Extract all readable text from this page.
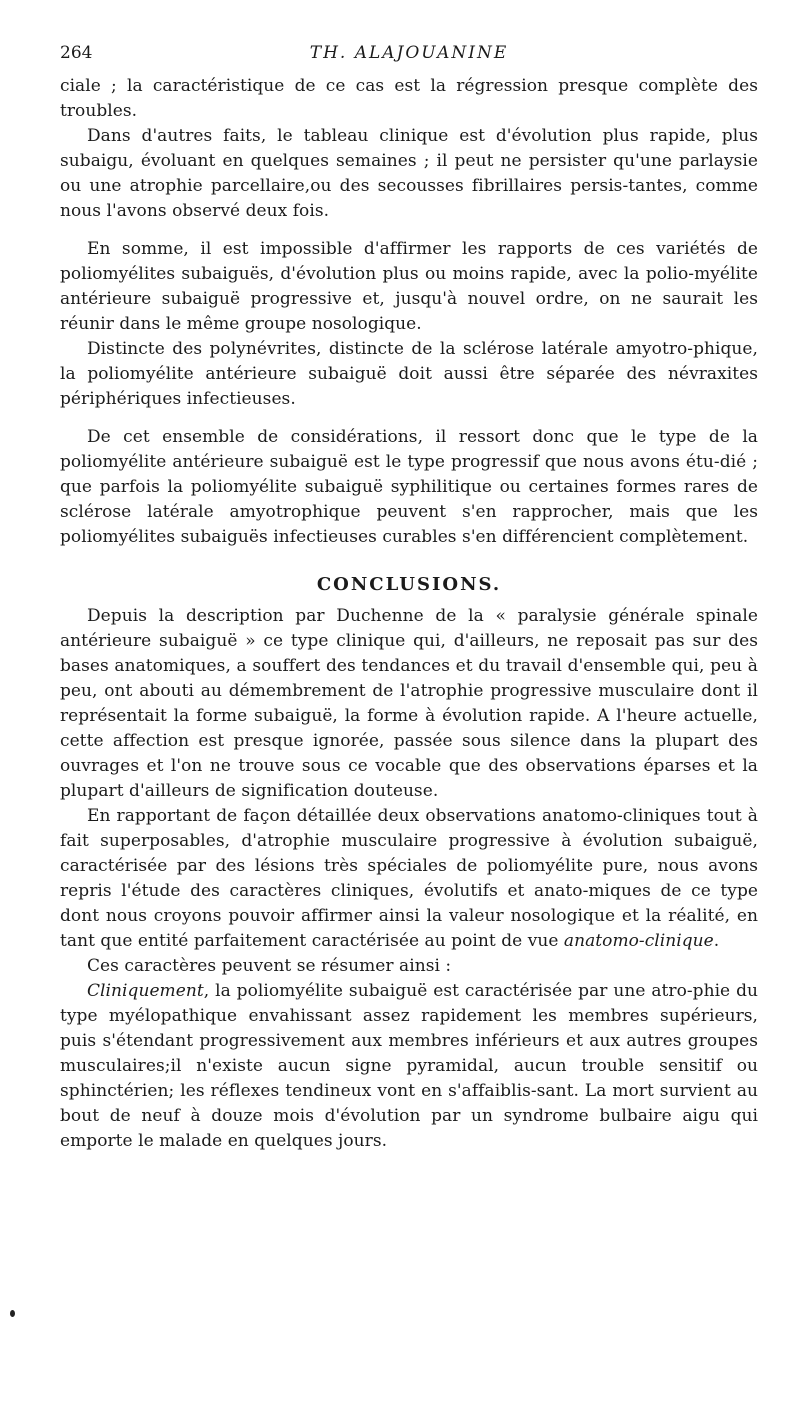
264	TH. ALAJOUANINE

ciale ; la caractéristique de ce cas est la régression presque complète des troubles.

Dans d'autres faits, le tableau clinique est d'évolution plus rapide, plus subaigu, évoluant en quelques semaines ; il peut ne persister qu'une parlaysie ou une atrophie parcellaire,ou des secousses fibrillaires persis-tantes, comme nous l'avons observé deux fois.

En somme, il est impossible d'affirmer les rapports de ces variétés de poliomyélites subaiguës, d'évolution plus ou moins rapide, avec la polio-myélite antérieure subaiguë progressive et, jusqu'à nouvel ordre, on ne saurait les réunir dans le même groupe nosologique.

Distincte des polynévrites, distincte de la sclérose latérale amyotro-phique, la poliomyélite antérieure subaiguë doit aussi être séparée des névraxites périphériques infectieuses.

De cet ensemble de considérations, il ressort donc que le type de la poliomyélite antérieure subaiguë est le type progressif que nous avons étu-dié ; que parfois la poliomyélite subaiguë syphilitique ou certaines formes rares de sclérose latérale amyotrophique peuvent s'en rapprocher, mais que les poliomyélites subaiguës infectieuses curables s'en différencient complètement.

CONCLUSIONS.

Depuis la description par Duchenne de la « paralysie générale spinale antérieure subaiguë » ce type clinique qui, d'ailleurs, ne reposait pas sur des bases anatomiques, a souffert des tendances et du travail d'ensemble qui, peu à peu, ont abouti au démembrement de l'atrophie progressive musculaire dont il représentait la forme subaiguë, la forme à évolution rapide. A l'heure actuelle, cette affection est presque ignorée, passée sous silence dans la plupart des ouvrages et l'on ne trouve sous ce vocable que des observations éparses et la plupart d'ailleurs de signification douteuse.

En rapportant de façon détaillée deux observations anatomo-cliniques tout à fait superposables, d'atrophie musculaire progressive à évolution subaiguë, caractérisée par des lésions très spéciales de poliomyélite pure, nous avons repris l'étude des caractères cliniques, évolutifs et anato-miques de ce type dont nous croyons pouvoir affirmer ainsi la valeur nosologique et la réalité, en tant que entité parfaitement caractérisée au point de vue anatomo-clinique.

Ces caractères peuvent se résumer ainsi :

Cliniquement, la poliomyélite subaiguë est caractérisée par une atro-phie du type myélopathique envahissant assez rapidement les membres supérieurs, puis s'étendant progressivement aux membres inférieurs et aux autres groupes musculaires;il n'existe aucun signe pyramidal, aucun trouble sensitif ou sphinctérien; les réflexes tendineux vont en s'affaiblis-sant. La mort survient au bout de neuf à douze mois d'évolution par un syndrome bulbaire aigu qui emporte le malade en quelques jours.
